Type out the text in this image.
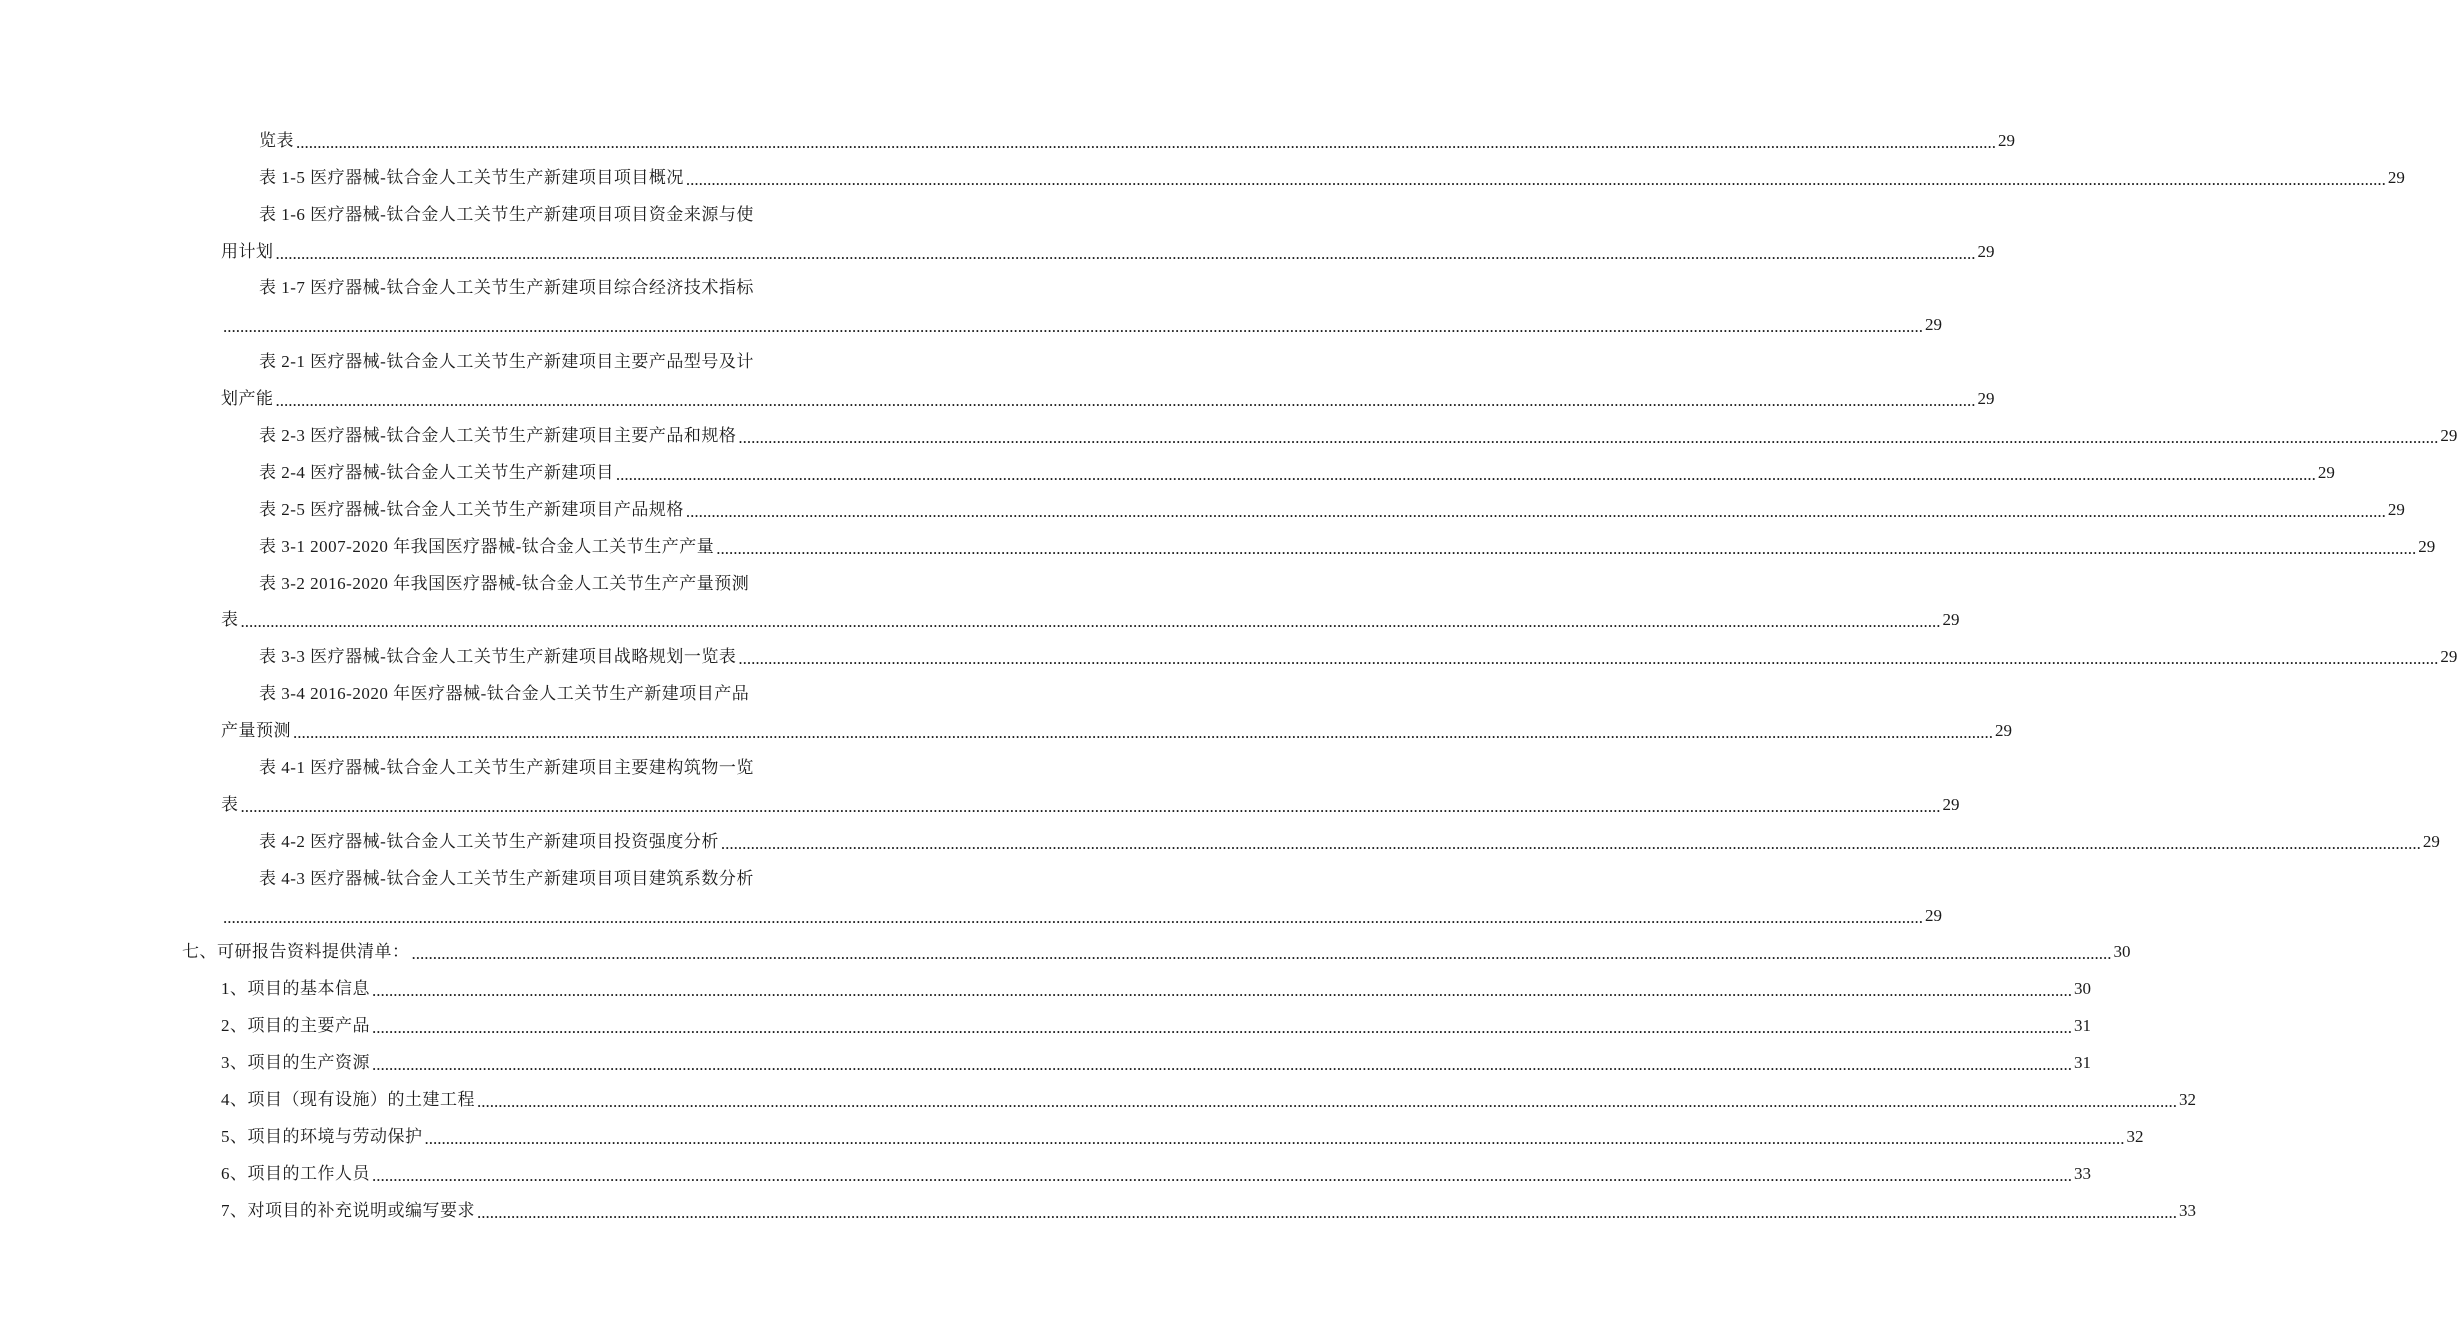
览表 ................................................................................................................................................................................................................................................................................................................................................................................................................ 29
表 1-5 医疗器械-钛合金人工关节生产新建项目项目概况 ................................................................................................................................................................................................................................................................................................................................................................................................................ 29
表 1-6 医疗器械-钛合金人工关节生产新建项目项目资金来源与使
用计划 ................................................................................................................................................................................................................................................................................................................................................................................................................ 29
表 1-7 医疗器械-钛合金人工关节生产新建项目综合经济技术指标
................................................................................................................................................................................................................................................................................................................................................................................................................ 29
表 2-1 医疗器械-钛合金人工关节生产新建项目主要产品型号及计
划产能 ................................................................................................................................................................................................................................................................................................................................................................................................................ 29
表 2-3 医疗器械-钛合金人工关节生产新建项目主要产品和规格 ................................................................................................................................................................................................................................................................................................................................................................................................................ 29
表 2-4 医疗器械-钛合金人工关节生产新建项目 ................................................................................................................................................................................................................................................................................................................................................................................................................ 29
表 2-5 医疗器械-钛合金人工关节生产新建项目产品规格 ................................................................................................................................................................................................................................................................................................................................................................................................................ 29
表 3-1 2007-2020 年我国医疗器械-钛合金人工关节生产产量 ................................................................................................................................................................................................................................................................................................................................................................................................................ 29
表 3-2 2016-2020 年我国医疗器械-钛合金人工关节生产产量预测
表 ................................................................................................................................................................................................................................................................................................................................................................................................................ 29
表 3-3 医疗器械-钛合金人工关节生产新建项目战略规划一览表 ................................................................................................................................................................................................................................................................................................................................................................................................................ 29
表 3-4 2016-2020 年医疗器械-钛合金人工关节生产新建项目产品
产量预测 ................................................................................................................................................................................................................................................................................................................................................................................................................ 29
表 4-1 医疗器械-钛合金人工关节生产新建项目主要建构筑物一览
表 ................................................................................................................................................................................................................................................................................................................................................................................................................ 29
表 4-2 医疗器械-钛合金人工关节生产新建项目投资强度分析 ................................................................................................................................................................................................................................................................................................................................................................................................................ 29
表 4-3 医疗器械-钛合金人工关节生产新建项目项目建筑系数分析
................................................................................................................................................................................................................................................................................................................................................................................................................ 29
七、可研报告资料提供清单： ................................................................................................................................................................................................................................................................................................................................................................................................................ 30
1、项目的基本信息 ................................................................................................................................................................................................................................................................................................................................................................................................................ 30
2、项目的主要产品 ................................................................................................................................................................................................................................................................................................................................................................................................................ 31
3、项目的生产资源 ................................................................................................................................................................................................................................................................................................................................................................................................................ 31
4、项目（现有设施）的土建工程 ................................................................................................................................................................................................................................................................................................................................................................................................................ 32
5、项目的环境与劳动保护 ................................................................................................................................................................................................................................................................................................................................................................................................................ 32
6、项目的工作人员 ................................................................................................................................................................................................................................................................................................................................................................................................................ 33
7、对项目的补充说明或编写要求 ................................................................................................................................................................................................................................................................................................................................................................................................................ 33
